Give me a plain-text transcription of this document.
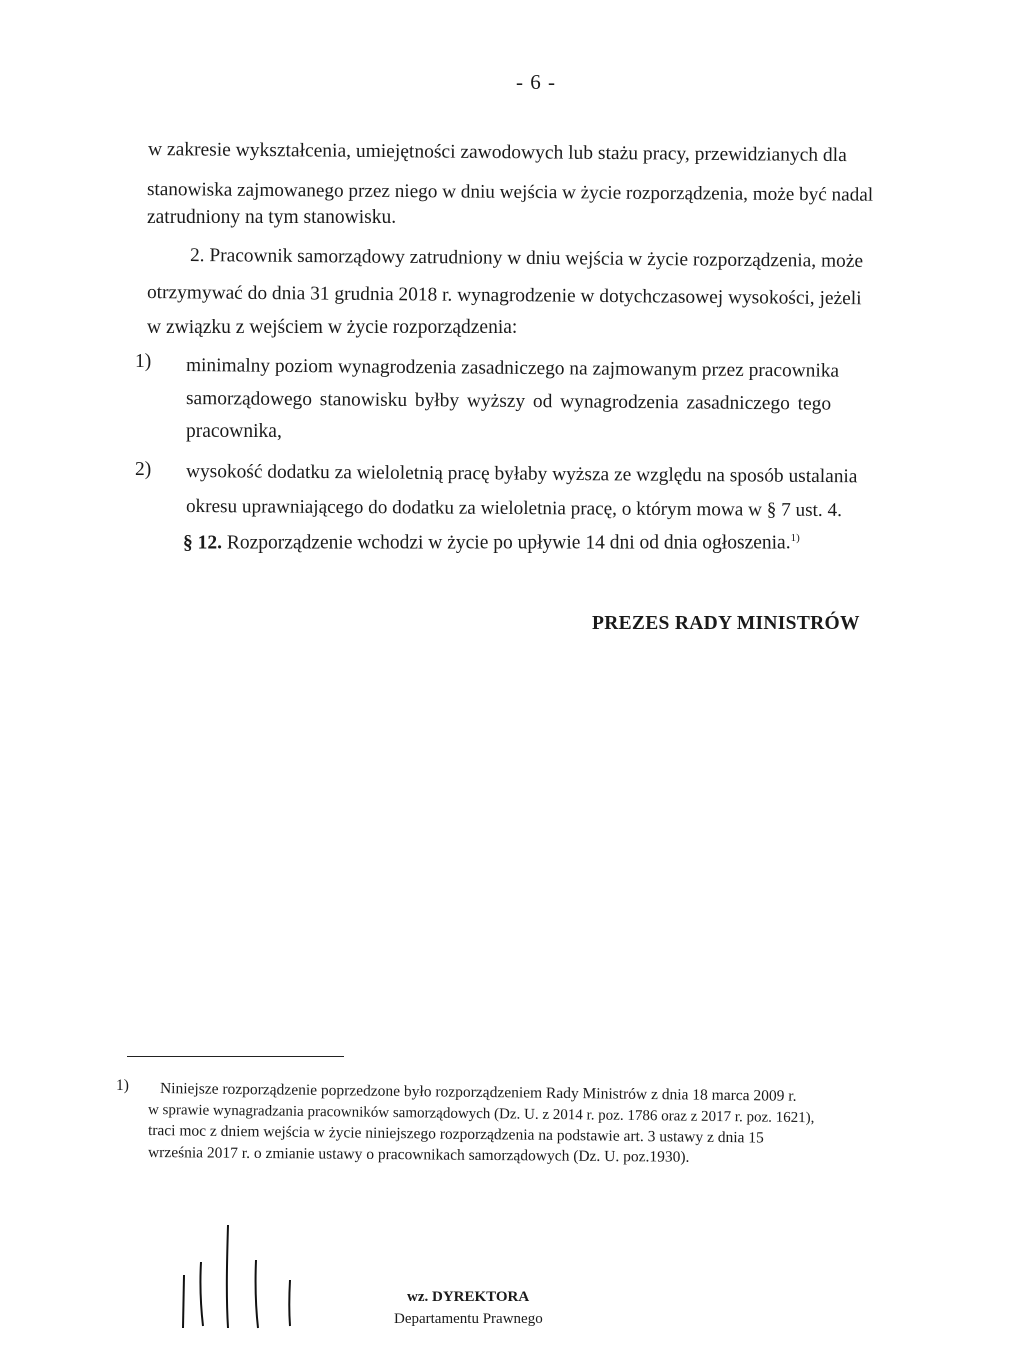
- 6 -
w zakresie wykształcenia, umiejętności zawodowych lub stażu pracy, przewidzianych dla
stanowiska zajmowanego przez niego w dniu wejścia w życie rozporządzenia, może być nadal
zatrudniony na tym stanowisku.
2. Pracownik samorządowy zatrudniony w dniu wejścia w życie rozporządzenia, może
otrzymywać do dnia 31 grudnia 2018 r. wynagrodzenie w dotychczasowej wysokości, jeżeli
w związku z wejściem w życie rozporządzenia:
1) minimalny poziom wynagrodzenia zasadniczego na zajmowanym przez pracownika
samorządowego stanowisku byłby wyższy od wynagrodzenia zasadniczego tego
pracownika,
2) wysokość dodatku za wieloletnią pracę byłaby wyższa ze względu na sposób ustalania
okresu uprawniającego do dodatku za wieloletnia pracę, o którym mowa w § 7 ust. 4.
§ 12. Rozporządzenie wchodzi w życie po upływie 14 dni od dnia ogłoszenia.$^{1)}$
PREZES RADY MINISTRÓW
1) Niniejsze rozporządzenie poprzedzone było rozporządzeniem Rady Ministrów z dnia 18 marca 2009 r.
w sprawie wynagradzania pracowników samorządowych (Dz. U. z 2014 r. poz. 1786 oraz z 2017 r. poz. 1621),
traci moc z dniem wejścia w życie niniejszego rozporządzenia na podstawie art. 3 ustawy z dnia 15
września 2017 r. o zmianie ustawy o pracownikach samorządowych (Dz. U. poz.1930).
wz. DYREKTORA
Departamentu Prawnego
